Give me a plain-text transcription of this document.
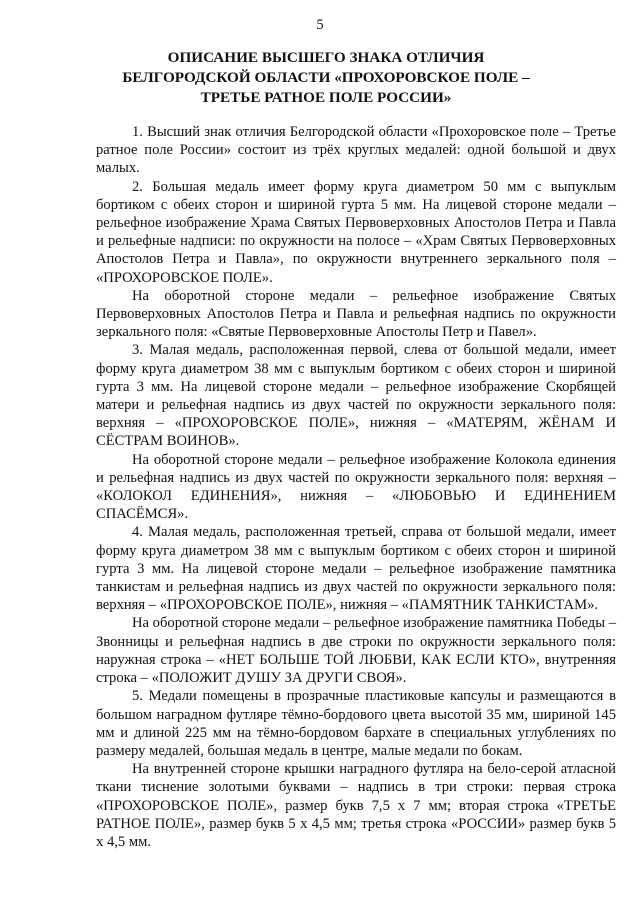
5
ОПИСАНИЕ ВЫСШЕГО ЗНАКА ОТЛИЧИЯ
БЕЛГОРОДСКОЙ ОБЛАСТИ «ПРОХОРОВСКОЕ ПОЛЕ –
ТРЕТЬЕ РАТНОЕ ПОЛЕ РОССИИ»

1. Высший знак отличия Белгородской области «Прохоровское поле – Третье ратное поле России» состоит из трёх круглых медалей: одной большой и двух малых.

2. Большая медаль имеет форму круга диаметром 50 мм с выпуклым бортиком с обеих сторон и шириной гурта 5 мм. На лицевой стороне медали – рельефное изображение Храма Святых Первоверховных Апостолов Петра и Павла и рельефные надписи: по окружности на полосе – «Храм Святых Первоверховных Апостолов Петра и Павла», по окружности внутреннего зеркального поля – «ПРОХОРОВСКОЕ ПОЛЕ».

На оборотной стороне медали – рельефное изображение Святых Первоверховных Апостолов Петра и Павла и рельефная надпись по окружности зеркального поля: «Святые Первоверховные Апостолы Петр и Павел».

3. Малая медаль, расположенная первой, слева от большой медали, имеет форму круга диаметром 38 мм с выпуклым бортиком с обеих сторон и шириной гурта 3 мм. На лицевой стороне медали – рельефное изображение Скорбящей матери и рельефная надпись из двух частей по окружности зеркального поля: верхняя – «ПРОХОРОВСКОЕ ПОЛЕ», нижняя – «МАТЕРЯМ, ЖЁНАМ И СЁСТРАМ ВОИНОВ».

На оборотной стороне медали – рельефное изображение Колокола единения и рельефная надпись из двух частей по окружности зеркального поля: верхняя – «КОЛОКОЛ ЕДИНЕНИЯ», нижняя – «ЛЮБОВЬЮ И ЕДИНЕНИЕМ СПАСЁМСЯ».

4. Малая медаль, расположенная третьей, справа от большой медали, имеет форму круга диаметром 38 мм с выпуклым бортиком с обеих сторон и шириной гурта 3 мм. На лицевой стороне медали – рельефное изображение памятника танкистам и рельефная надпись из двух частей по окружности зеркального поля: верхняя – «ПРОХОРОВСКОЕ ПОЛЕ», нижняя – «ПАМЯТНИК ТАНКИСТАМ».

На оборотной стороне медали – рельефное изображение памятника Победы – Звонницы и рельефная надпись в две строки по окружности зеркального поля: наружная строка – «НЕТ БОЛЬШЕ ТОЙ ЛЮБВИ, КАК ЕСЛИ КТО», внутренняя строка – «ПОЛОЖИТ ДУШУ ЗА ДРУГИ СВОЯ».

5. Медали помещены в прозрачные пластиковые капсулы и размещаются в большом наградном футляре тёмно-бордового цвета высотой 35 мм, шириной 145 мм и длиной 225 мм на тёмно-бордовом бархате в специальных углублениях по размеру медалей, большая медаль в центре, малые медали по бокам.

На внутренней стороне крышки наградного футляра на бело-серой атласной ткани тиснение золотыми буквами – надпись в три строки: первая строка «ПРОХОРОВСКОЕ ПОЛЕ», размер букв 7,5 х 7 мм; вторая строка «ТРЕТЬЕ РАТНОЕ ПОЛЕ», размер букв 5 х 4,5 мм; третья строка «РОССИИ» размер букв 5 х 4,5 мм.
